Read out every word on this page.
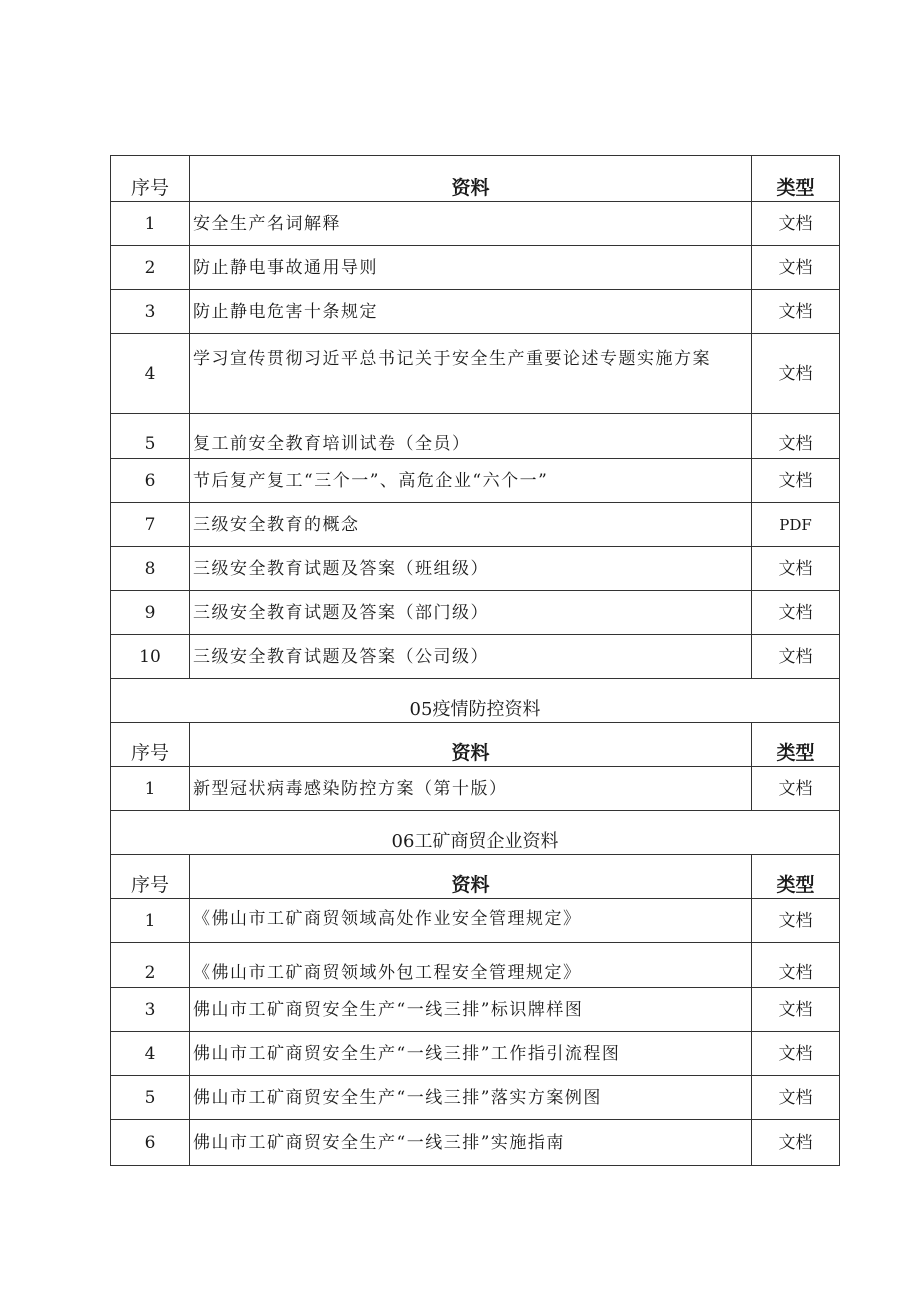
序号	资料	类型
1	安全生产名词解释	文档
2	防止静电事故通用导则	文档
3	防止静电危害十条规定	文档
4	学习宣传贯彻习近平总书记关于安全生产重要论述专题实施方案	文档
5	复工前安全教育培训试卷（全员）	文档
6	节后复产复工“三个一”、高危企业“六个一”	文档
7	三级安全教育的概念	PDF
8	三级安全教育试题及答案（班组级）	文档
9	三级安全教育试题及答案（部门级）	文档
10	三级安全教育试题及答案（公司级）	文档
05疫情防控资料		
序号	资料	类型
1	新型冠状病毒感染防控方案（第十版）	文档
06工矿商贸企业资料		
序号	资料	类型
1	《佛山市工矿商贸领域高处作业安全管理规定》	文档
2	《佛山市工矿商贸领域外包工程安全管理规定》	文档
3	佛山市工矿商贸安全生产“一线三排”标识牌样图	文档
4	佛山市工矿商贸安全生产“一线三排”工作指引流程图	文档
5	佛山市工矿商贸安全生产“一线三排”落实方案例图	文档
6	佛山市工矿商贸安全生产“一线三排”实施指南	文档
